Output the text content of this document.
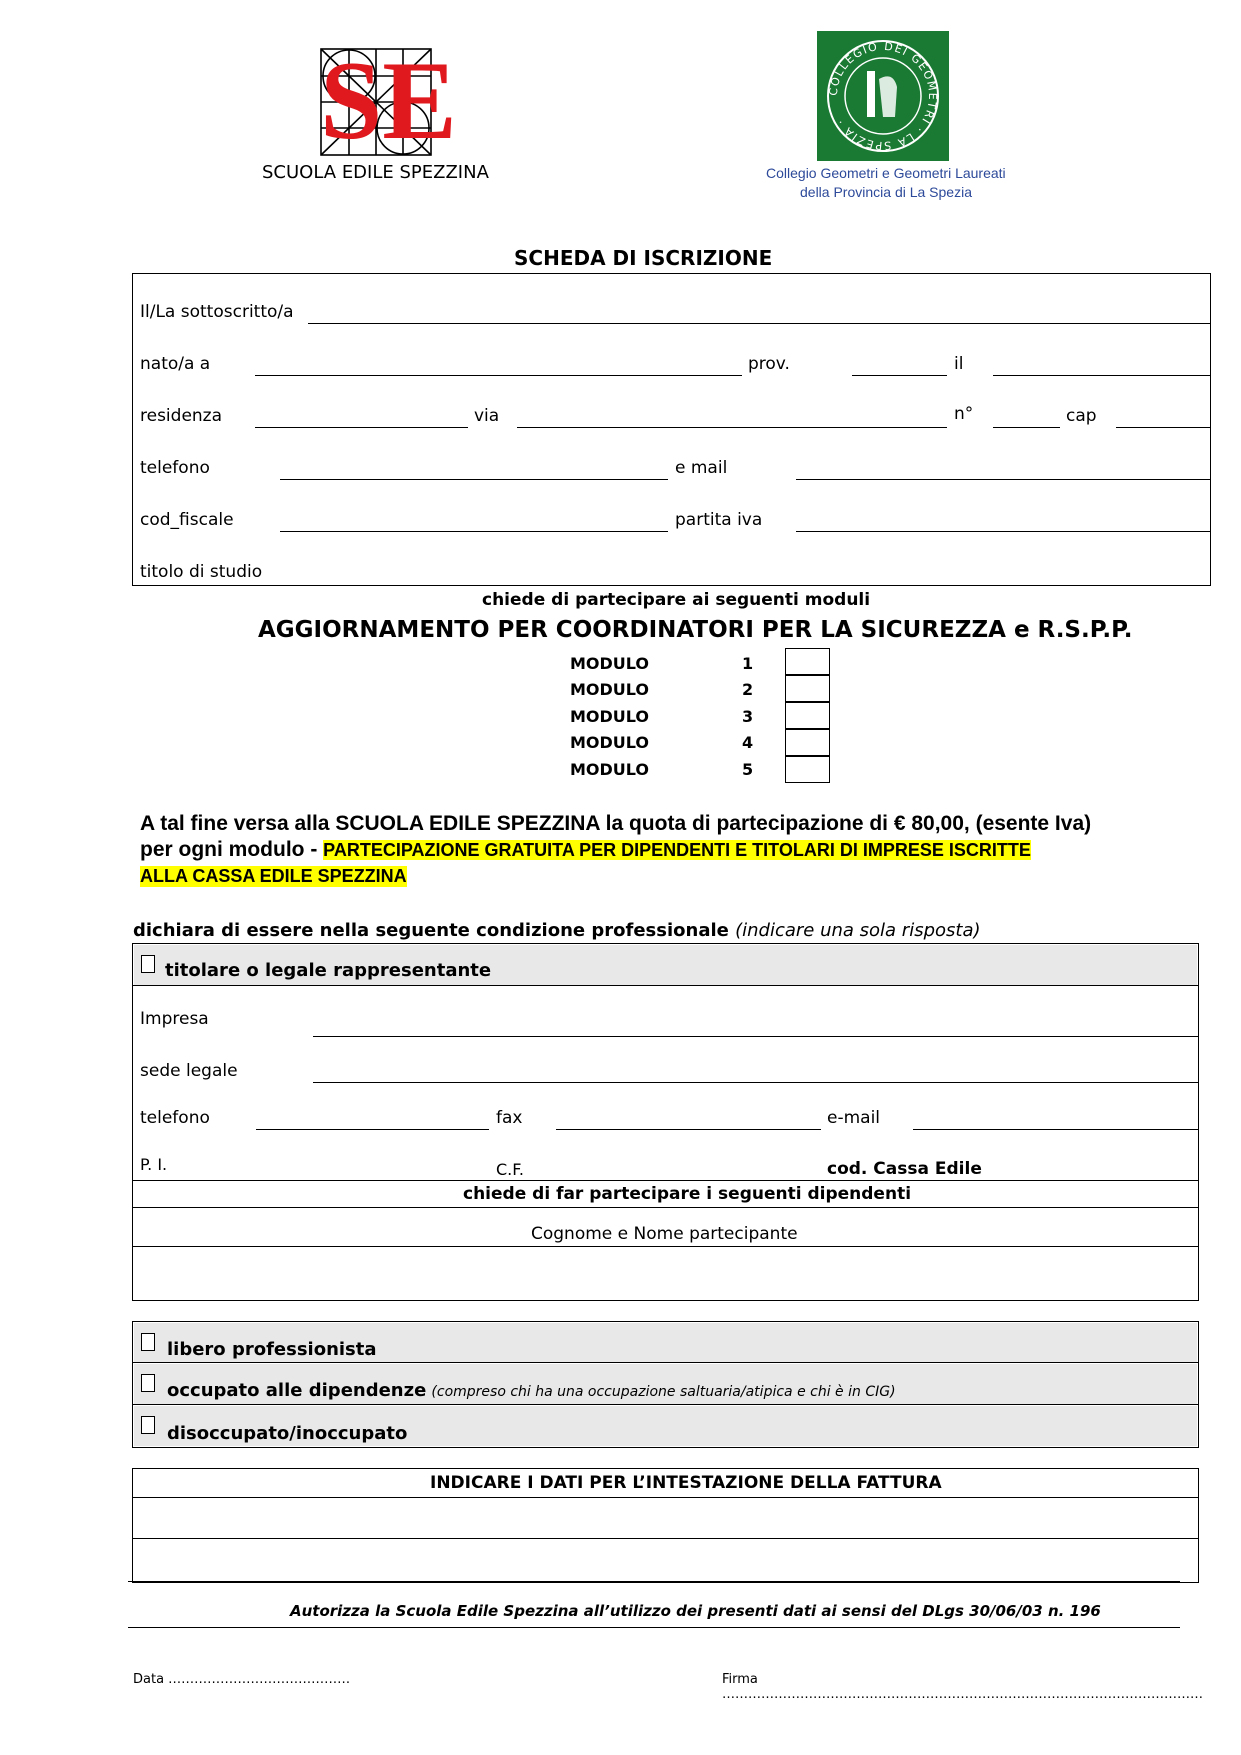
SE
SCUOLA EDILE SPEZZINA
COLLEGIO DEI GEOMETRI · LA SPEZIA ·
Collegio Geometri e Geometri Laureati
della Provincia di La Spezia
SCHEDA DI ISCRIZIONE
Il/La sottoscritto/a
nato/a a	prov.	il
residenza	via	n°	cap
telefono	e mail
cod_fiscale	partita iva
titolo di studio
chiede di partecipare ai seguenti moduli
AGGIORNAMENTO PER COORDINATORI PER LA SICUREZZA e R.S.P.P.
MODULO	1
MODULO	2
MODULO	3
MODULO	4
MODULO	5
A tal fine versa alla SCUOLA EDILE SPEZZINA la quota di partecipazione di € 80,00, (esente Iva)
per ogni modulo - PARTECIPAZIONE GRATUITA PER DIPENDENTI E TITOLARI DI IMPRESE ISCRITTE
ALLA CASSA EDILE SPEZZINA
dichiara di essere nella seguente condizione professionale (indicare una sola risposta)
titolare o legale rappresentante
Impresa
sede legale
telefono	fax	e-mail
P. I.	C.F.	cod. Cassa Edile
chiede di far partecipare i seguenti dipendenti
Cognome e Nome partecipante
libero professionista
occupato alle dipendenze (compreso chi ha una occupazione saltuaria/atipica e chi è in CIG)
disoccupato/inoccupato
INDICARE I DATI PER L’INTESTAZIONE DELLA FATTURA
Autorizza la Scuola Edile Spezzina all’utilizzo dei presenti dati ai sensi del DLgs 30/06/03 n. 196
Data ……………………………………	Firma …………………………………………………………………………………………………
